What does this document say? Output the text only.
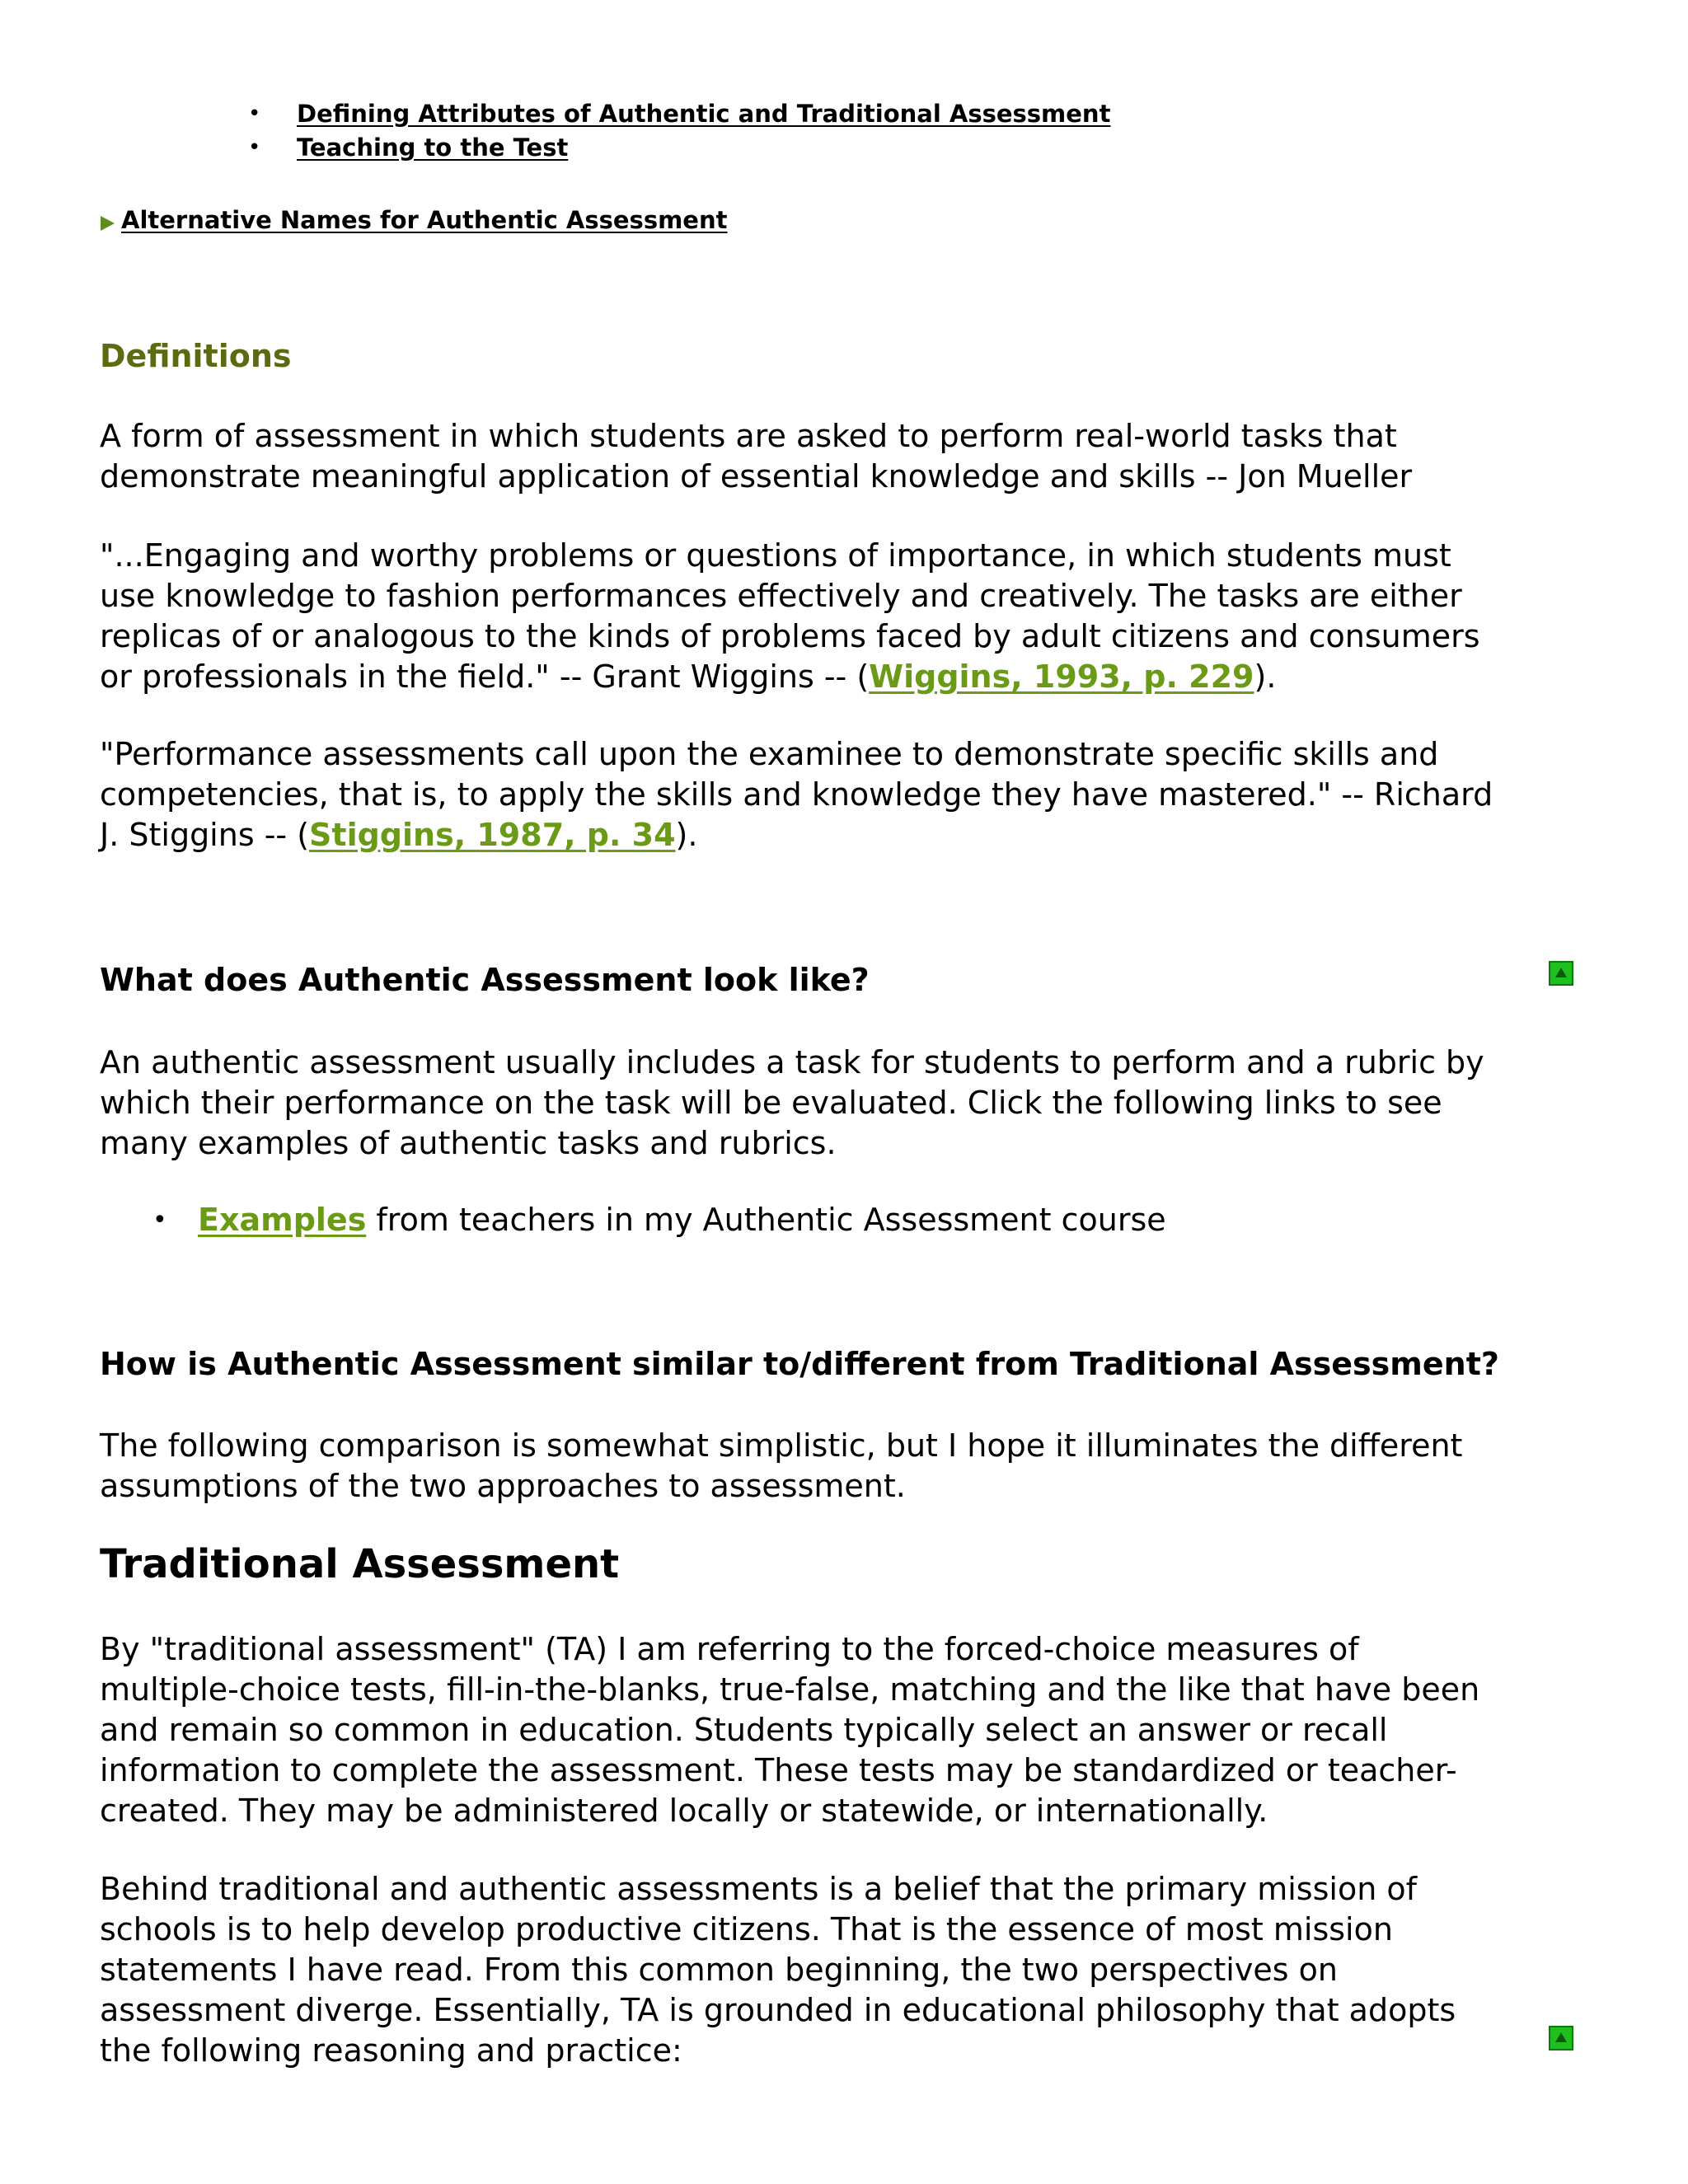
• Defining Attributes of Authentic and Traditional Assessment
• Teaching to the Test
Alternative Names for Authentic Assessment
Definitions

A form of assessment in which students are asked to perform real-world tasks that
demonstrate meaningful application of essential knowledge and skills -- Jon Mueller

"...Engaging and worthy problems or questions of importance, in which students must
use knowledge to fashion performances effectively and creatively. The tasks are either
replicas of or analogous to the kinds of problems faced by adult citizens and consumers
or professionals in the field." -- Grant Wiggins -- (Wiggins, 1993, p. 229).

"Performance assessments call upon the examinee to demonstrate specific skills and
competencies, that is, to apply the skills and knowledge they have mastered." -- Richard
J. Stiggins -- (Stiggins, 1987, p. 34).

What does Authentic Assessment look like?

An authentic assessment usually includes a task for students to perform and a rubric by
which their performance on the task will be evaluated. Click the following links to see
many examples of authentic tasks and rubrics.

• Examples from teachers in my Authentic Assessment course
How is Authentic Assessment similar to/different from Traditional Assessment?

The following comparison is somewhat simplistic, but I hope it illuminates the different
assumptions of the two approaches to assessment.

Traditional Assessment

By "traditional assessment" (TA) I am referring to the forced-choice measures of
multiple-choice tests, fill-in-the-blanks, true-false, matching and the like that have been
and remain so common in education. Students typically select an answer or recall
information to complete the assessment. These tests may be standardized or teacher-
created. They may be administered locally or statewide, or internationally.

Behind traditional and authentic assessments is a belief that the primary mission of
schools is to help develop productive citizens. That is the essence of most mission
statements I have read. From this common beginning, the two perspectives on
assessment diverge. Essentially, TA is grounded in educational philosophy that adopts
the following reasoning and practice:
